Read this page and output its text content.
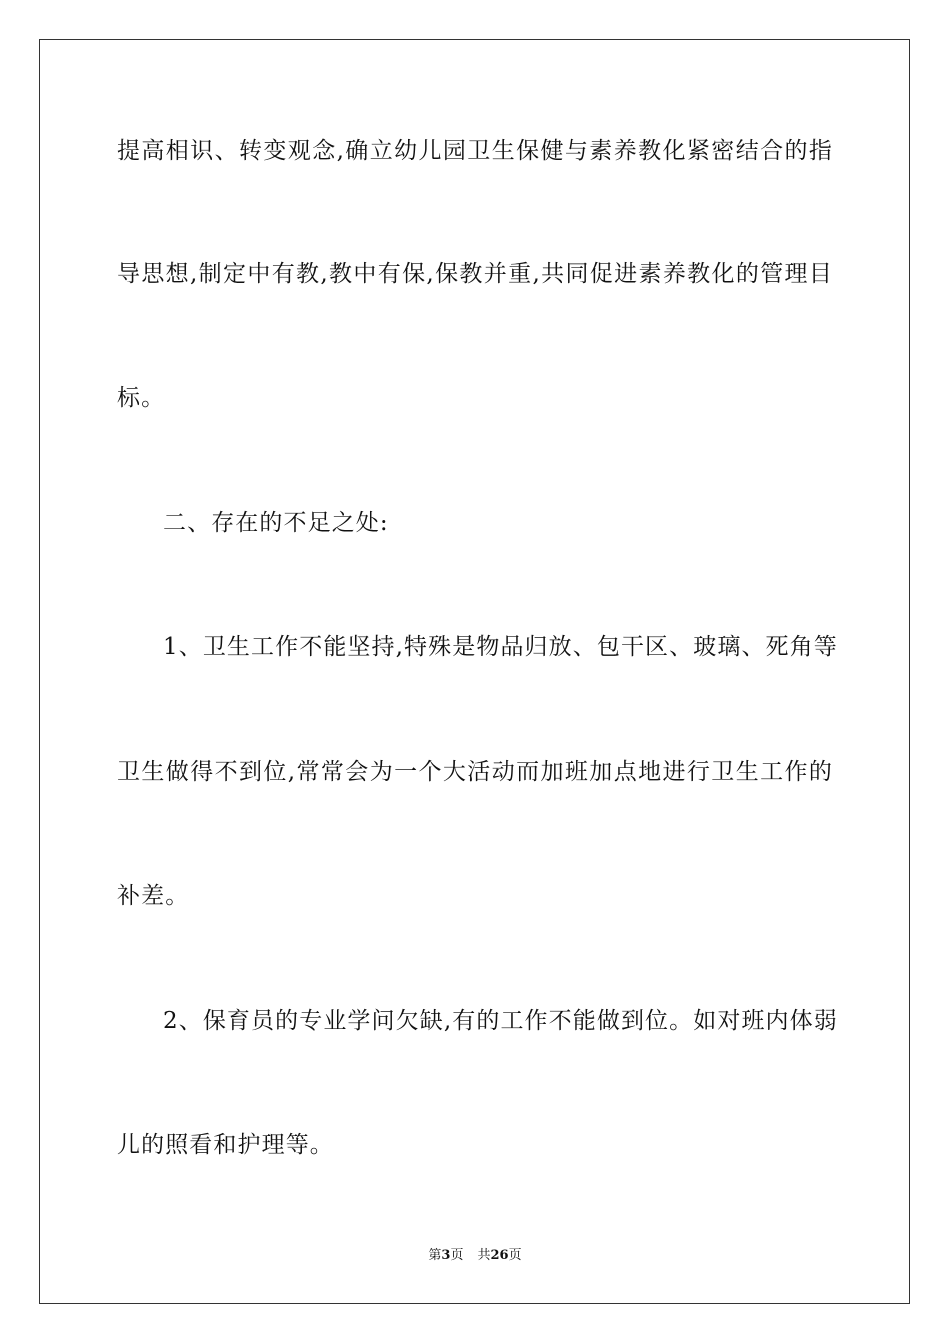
提高相识、转变观念,确立幼儿园卫生保健与素养教化紧密结合的指
导思想,制定中有教,教中有保,保教并重,共同促进素养教化的管理目
标。
二、存在的不足之处:
1、卫生工作不能坚持,特殊是物品归放、包干区、玻璃、死角等
卫生做得不到位,常常会为一个大活动而加班加点地进行卫生工作的
补差。
2、保育员的专业学问欠缺,有的工作不能做到位。如对班内体弱
儿的照看和护理等。
第3页 共26页
